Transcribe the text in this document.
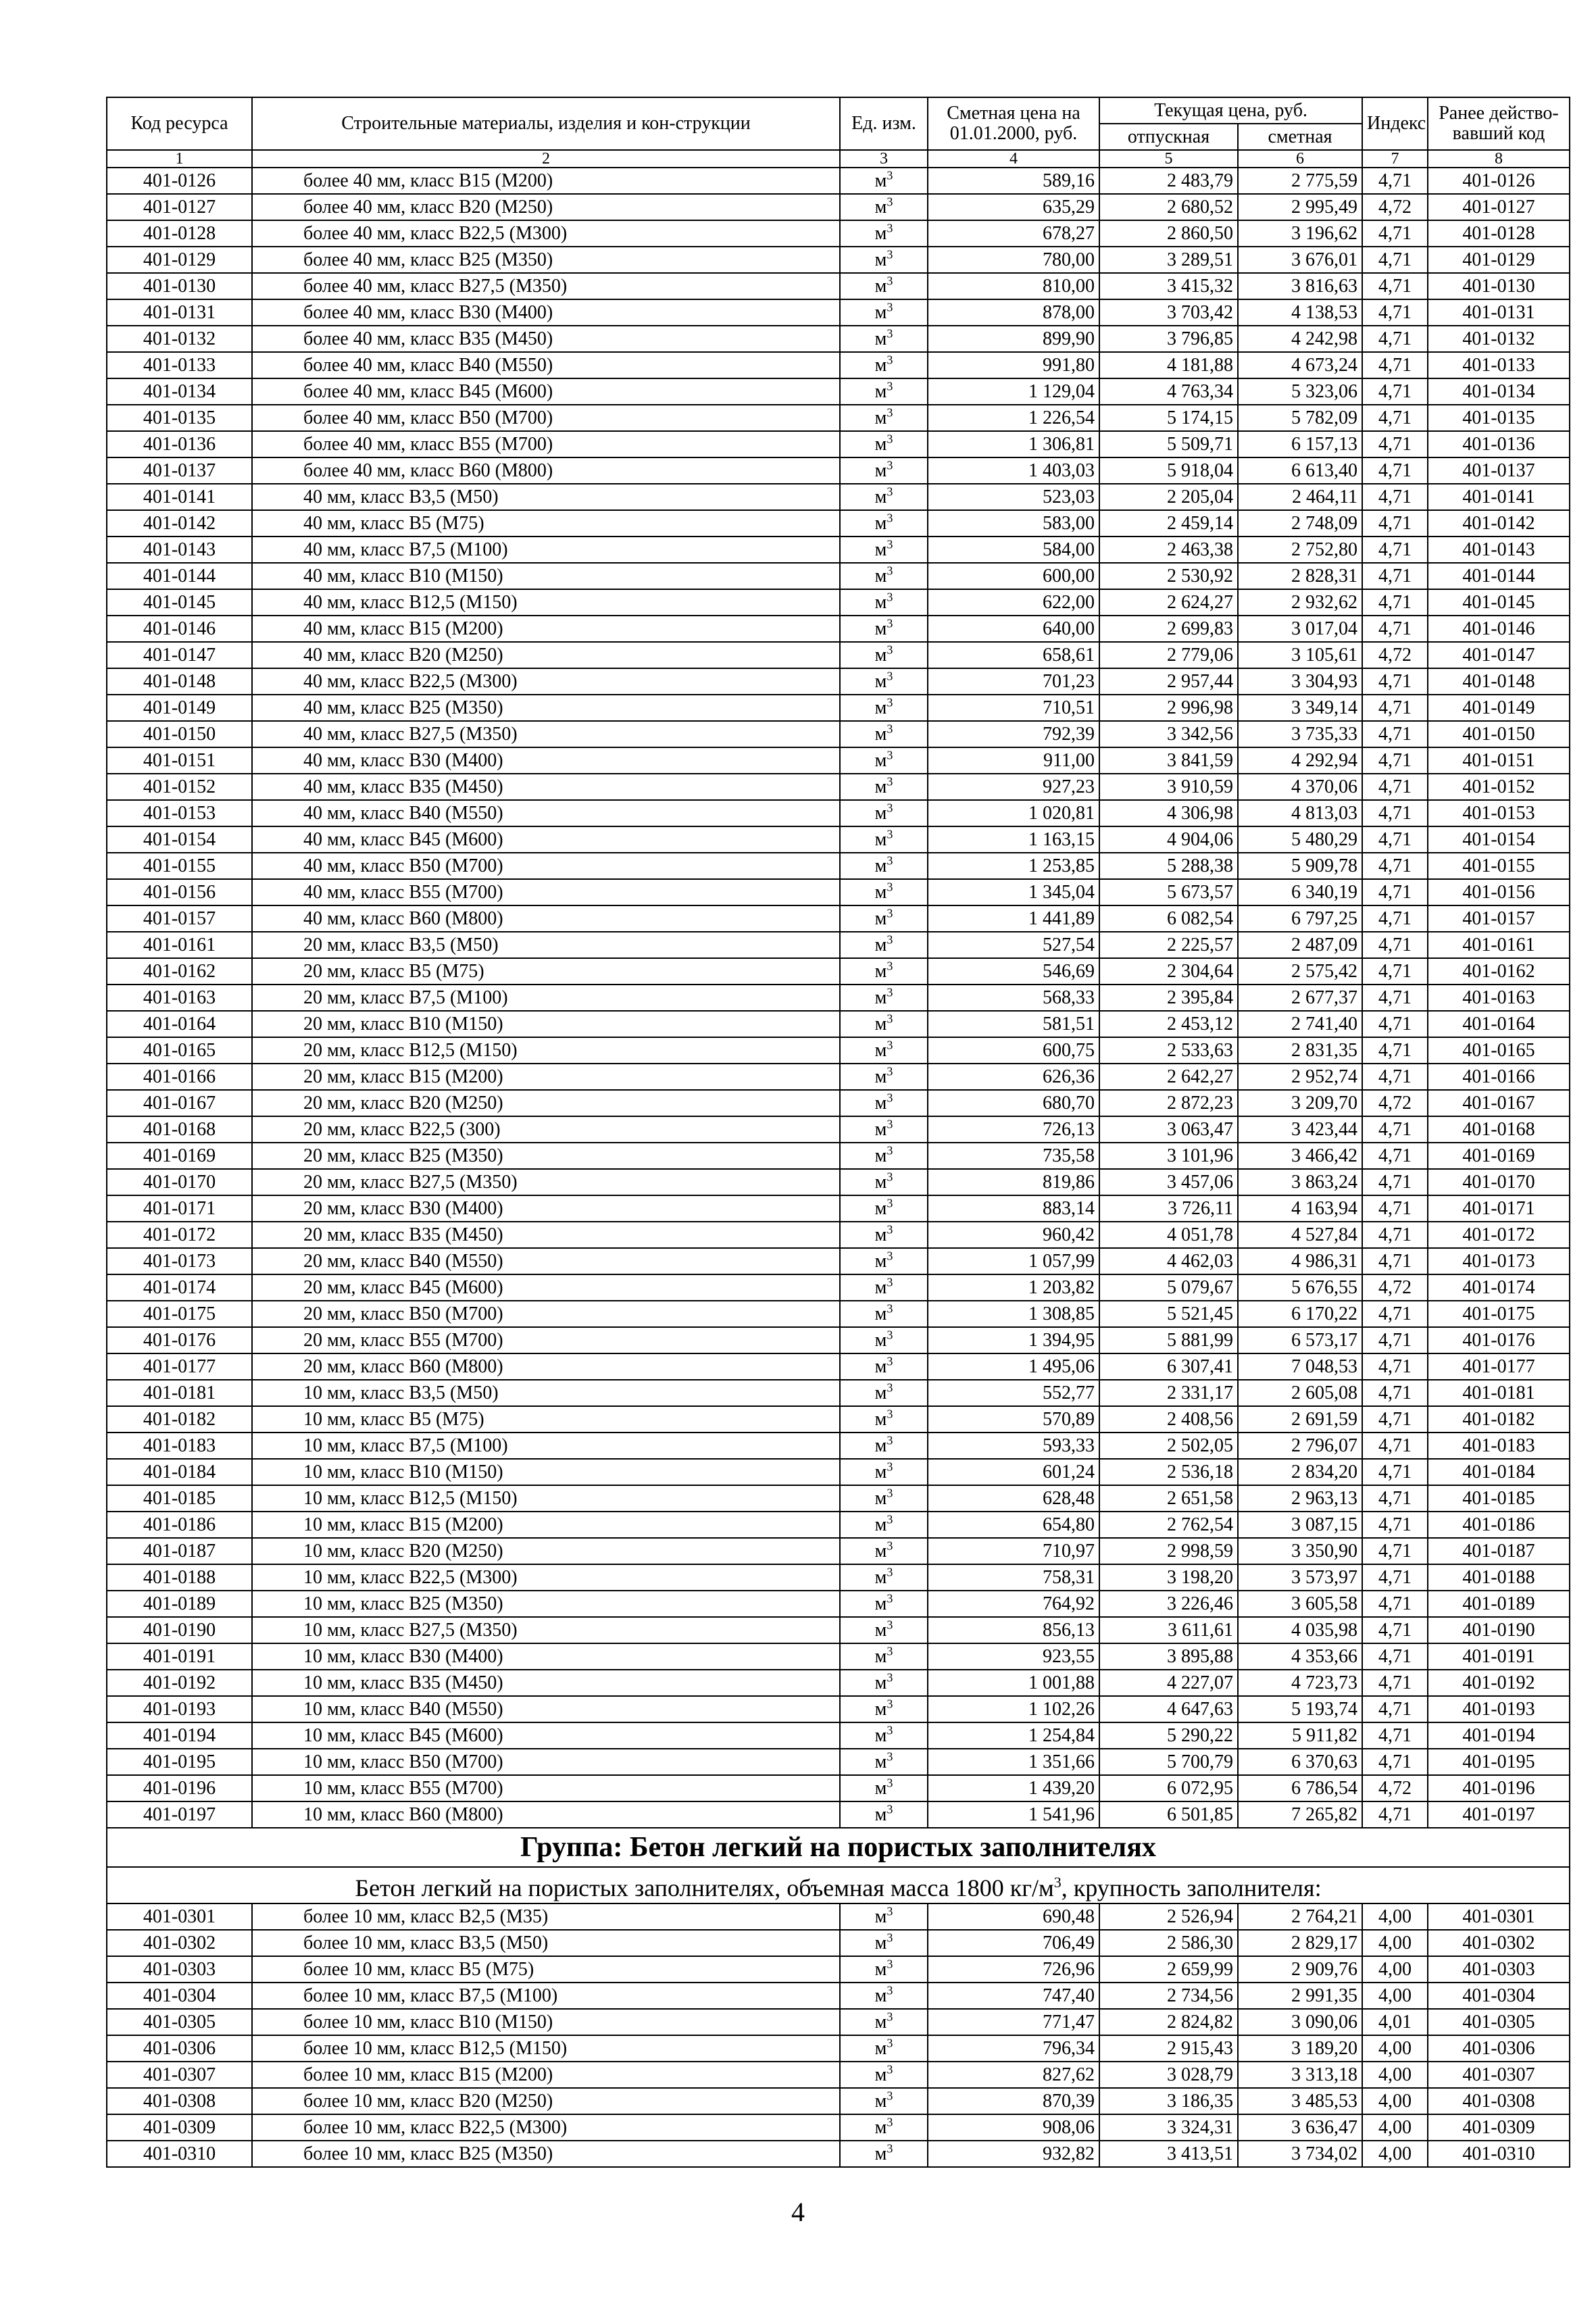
Код ресурса	Строительные материалы, изделия и кон-струкции	Ед. изм.	Сметная цена на 01.01.2000, руб.	Текущая цена, руб.		Индекс	Ранее действо-вавший код
				отпускная	сметная		
1	2	3	4	5	6	7	8
401-0126	более 40 мм, класс В15 (М200)	$м^3$	589,16	2 483,79	2 775,59	4,71	401-0126
401-0127	более 40 мм, класс В20 (М250)	$м^3$	635,29	2 680,52	2 995,49	4,72	401-0127
401-0128	более 40 мм, класс В22,5 (М300)	$м^3$	678,27	2 860,50	3 196,62	4,71	401-0128
401-0129	более 40 мм, класс В25 (М350)	$м^3$	780,00	3 289,51	3 676,01	4,71	401-0129
401-0130	более 40 мм, класс В27,5 (М350)	$м^3$	810,00	3 415,32	3 816,63	4,71	401-0130
401-0131	более 40 мм, класс В30 (М400)	$м^3$	878,00	3 703,42	4 138,53	4,71	401-0131
401-0132	более 40 мм, класс В35 (М450)	$м^3$	899,90	3 796,85	4 242,98	4,71	401-0132
401-0133	более 40 мм, класс В40 (М550)	$м^3$	991,80	4 181,88	4 673,24	4,71	401-0133
401-0134	более 40 мм, класс В45 (М600)	$м^3$	1 129,04	4 763,34	5 323,06	4,71	401-0134
401-0135	более 40 мм, класс В50 (М700)	$м^3$	1 226,54	5 174,15	5 782,09	4,71	401-0135
401-0136	более 40 мм, класс В55 (М700)	$м^3$	1 306,81	5 509,71	6 157,13	4,71	401-0136
401-0137	более 40 мм, класс В60 (М800)	$м^3$	1 403,03	5 918,04	6 613,40	4,71	401-0137
401-0141	40 мм, класс В3,5 (М50)	$м^3$	523,03	2 205,04	2 464,11	4,71	401-0141
401-0142	40 мм, класс В5 (М75)	$м^3$	583,00	2 459,14	2 748,09	4,71	401-0142
401-0143	40 мм, класс В7,5 (М100)	$м^3$	584,00	2 463,38	2 752,80	4,71	401-0143
401-0144	40 мм, класс В10 (М150)	$м^3$	600,00	2 530,92	2 828,31	4,71	401-0144
401-0145	40 мм, класс В12,5 (М150)	$м^3$	622,00	2 624,27	2 932,62	4,71	401-0145
401-0146	40 мм, класс В15 (М200)	$м^3$	640,00	2 699,83	3 017,04	4,71	401-0146
401-0147	40 мм, класс В20 (М250)	$м^3$	658,61	2 779,06	3 105,61	4,72	401-0147
401-0148	40 мм, класс В22,5 (М300)	$м^3$	701,23	2 957,44	3 304,93	4,71	401-0148
401-0149	40 мм, класс В25 (М350)	$м^3$	710,51	2 996,98	3 349,14	4,71	401-0149
401-0150	40 мм, класс В27,5 (М350)	$м^3$	792,39	3 342,56	3 735,33	4,71	401-0150
401-0151	40 мм, класс В30 (М400)	$м^3$	911,00	3 841,59	4 292,94	4,71	401-0151
401-0152	40 мм, класс В35 (М450)	$м^3$	927,23	3 910,59	4 370,06	4,71	401-0152
401-0153	40 мм, класс В40 (М550)	$м^3$	1 020,81	4 306,98	4 813,03	4,71	401-0153
401-0154	40 мм, класс В45 (М600)	$м^3$	1 163,15	4 904,06	5 480,29	4,71	401-0154
401-0155	40 мм, класс В50 (М700)	$м^3$	1 253,85	5 288,38	5 909,78	4,71	401-0155
401-0156	40 мм, класс В55 (М700)	$м^3$	1 345,04	5 673,57	6 340,19	4,71	401-0156
401-0157	40 мм, класс В60 (М800)	$м^3$	1 441,89	6 082,54	6 797,25	4,71	401-0157
401-0161	20 мм, класс В3,5 (М50)	$м^3$	527,54	2 225,57	2 487,09	4,71	401-0161
401-0162	20 мм, класс В5 (М75)	$м^3$	546,69	2 304,64	2 575,42	4,71	401-0162
401-0163	20 мм, класс В7,5 (М100)	$м^3$	568,33	2 395,84	2 677,37	4,71	401-0163
401-0164	20 мм, класс В10 (М150)	$м^3$	581,51	2 453,12	2 741,40	4,71	401-0164
401-0165	20 мм, класс В12,5 (М150)	$м^3$	600,75	2 533,63	2 831,35	4,71	401-0165
401-0166	20 мм, класс В15 (М200)	$м^3$	626,36	2 642,27	2 952,74	4,71	401-0166
401-0167	20 мм, класс В20 (М250)	$м^3$	680,70	2 872,23	3 209,70	4,72	401-0167
401-0168	20 мм, класс В22,5 (300)	$м^3$	726,13	3 063,47	3 423,44	4,71	401-0168
401-0169	20 мм, класс В25 (М350)	$м^3$	735,58	3 101,96	3 466,42	4,71	401-0169
401-0170	20 мм, класс В27,5 (М350)	$м^3$	819,86	3 457,06	3 863,24	4,71	401-0170
401-0171	20 мм, класс В30 (М400)	$м^3$	883,14	3 726,11	4 163,94	4,71	401-0171
401-0172	20 мм, класс В35 (М450)	$м^3$	960,42	4 051,78	4 527,84	4,71	401-0172
401-0173	20 мм, класс В40 (М550)	$м^3$	1 057,99	4 462,03	4 986,31	4,71	401-0173
401-0174	20 мм, класс В45 (М600)	$м^3$	1 203,82	5 079,67	5 676,55	4,72	401-0174
401-0175	20 мм, класс В50 (М700)	$м^3$	1 308,85	5 521,45	6 170,22	4,71	401-0175
401-0176	20 мм, класс В55 (М700)	$м^3$	1 394,95	5 881,99	6 573,17	4,71	401-0176
401-0177	20 мм, класс В60 (М800)	$м^3$	1 495,06	6 307,41	7 048,53	4,71	401-0177
401-0181	10 мм, класс В3,5 (М50)	$м^3$	552,77	2 331,17	2 605,08	4,71	401-0181
401-0182	10 мм, класс В5 (М75)	$м^3$	570,89	2 408,56	2 691,59	4,71	401-0182
401-0183	10 мм, класс В7,5 (М100)	$м^3$	593,33	2 502,05	2 796,07	4,71	401-0183
401-0184	10 мм, класс В10 (М150)	$м^3$	601,24	2 536,18	2 834,20	4,71	401-0184
401-0185	10 мм, класс В12,5 (М150)	$м^3$	628,48	2 651,58	2 963,13	4,71	401-0185
401-0186	10 мм, класс В15 (М200)	$м^3$	654,80	2 762,54	3 087,15	4,71	401-0186
401-0187	10 мм, класс В20 (М250)	$м^3$	710,97	2 998,59	3 350,90	4,71	401-0187
401-0188	10 мм, класс В22,5 (М300)	$м^3$	758,31	3 198,20	3 573,97	4,71	401-0188
401-0189	10 мм, класс В25 (М350)	$м^3$	764,92	3 226,46	3 605,58	4,71	401-0189
401-0190	10 мм, класс В27,5 (М350)	$м^3$	856,13	3 611,61	4 035,98	4,71	401-0190
401-0191	10 мм, класс В30 (М400)	$м^3$	923,55	3 895,88	4 353,66	4,71	401-0191
401-0192	10 мм, класс В35 (М450)	$м^3$	1 001,88	4 227,07	4 723,73	4,71	401-0192
401-0193	10 мм, класс В40 (М550)	$м^3$	1 102,26	4 647,63	5 193,74	4,71	401-0193
401-0194	10 мм, класс В45 (М600)	$м^3$	1 254,84	5 290,22	5 911,82	4,71	401-0194
401-0195	10 мм, класс В50 (М700)	$м^3$	1 351,66	5 700,79	6 370,63	4,71	401-0195
401-0196	10 мм, класс В55 (М700)	$м^3$	1 439,20	6 072,95	6 786,54	4,72	401-0196
401-0197	10 мм, класс В60 (М800)	$м^3$	1 541,96	6 501,85	7 265,82	4,71	401-0197
Группа: Бетон легкий на пористых заполнителях							
Бетон легкий на пористых заполнителях, объемная масса 1800 $кг/м^3$, крупность заполнителя:							
401-0301	более 10 мм, класс В2,5 (М35)	$м^3$	690,48	2 526,94	2 764,21	4,00	401-0301
401-0302	более 10 мм, класс В3,5 (М50)	$м^3$	706,49	2 586,30	2 829,17	4,00	401-0302
401-0303	более 10 мм, класс В5 (М75)	$м^3$	726,96	2 659,99	2 909,76	4,00	401-0303
401-0304	более 10 мм, класс В7,5 (М100)	$м^3$	747,40	2 734,56	2 991,35	4,00	401-0304
401-0305	более 10 мм, класс В10 (М150)	$м^3$	771,47	2 824,82	3 090,06	4,01	401-0305
401-0306	более 10 мм, класс В12,5 (М150)	$м^3$	796,34	2 915,43	3 189,20	4,00	401-0306
401-0307	более 10 мм, класс В15 (М200)	$м^3$	827,62	3 028,79	3 313,18	4,00	401-0307
401-0308	более 10 мм, класс В20 (М250)	$м^3$	870,39	3 186,35	3 485,53	4,00	401-0308
401-0309	более 10 мм, класс В22,5 (М300)	$м^3$	908,06	3 324,31	3 636,47	4,00	401-0309
401-0310	более 10 мм, класс В25 (М350)	$м^3$	932,82	3 413,51	3 734,02	4,00	401-0310
4
